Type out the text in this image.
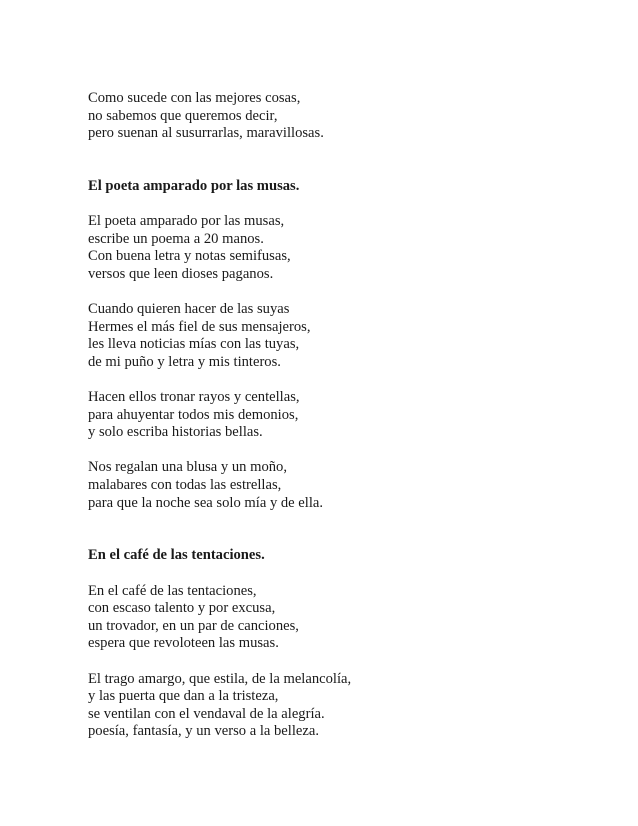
Como sucede con las mejores cosas,
no sabemos que queremos decir,
pero suenan al susurrarlas, maravillosas.
El poeta amparado por las musas.
El poeta amparado por las musas,
escribe un poema a 20 manos.
Con buena letra y notas semifusas,
versos que leen dioses paganos.
Cuando quieren hacer de las suyas
Hermes el más fiel de sus mensajeros,
les lleva noticias mías con las tuyas,
de mi puño y letra y mis tinteros.
Hacen ellos tronar rayos y centellas,
para ahuyentar todos mis demonios,
y solo escriba historias bellas.
Nos regalan una blusa y un moño,
malabares con todas las estrellas,
para que la noche sea solo mía y de ella.
En el café de las tentaciones.
En el café de las tentaciones,
con escaso talento y por excusa,
un trovador, en un par de canciones,
espera que revoloteen las musas.
El trago amargo, que estila, de la melancolía,
y las puerta que dan a la tristeza,
se ventilan con el vendaval de la alegría.
poesía, fantasía, y un verso a la belleza.
